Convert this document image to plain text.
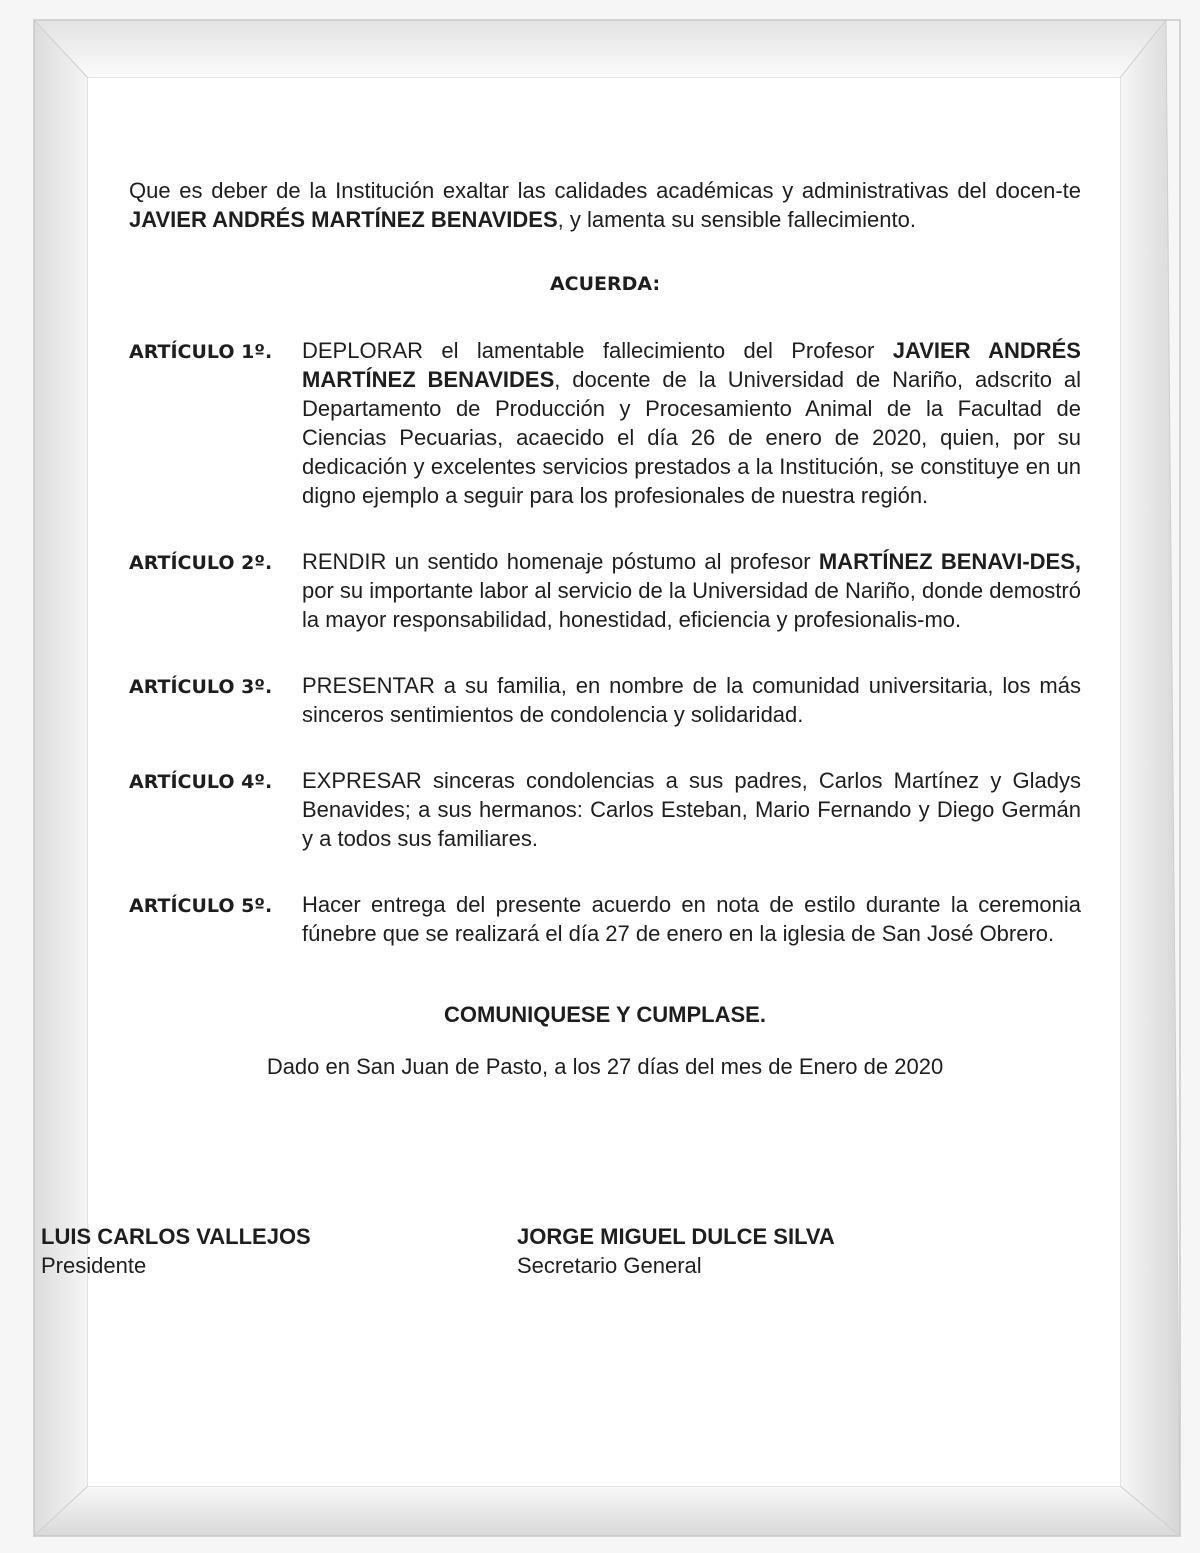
Que es deber de la Institución exaltar las calidades académicas y administrativas del docen-te JAVIER ANDRÉS MARTÍNEZ BENAVIDES, y lamenta su sensible fallecimiento.

ACUERDA:
ARTÍCULO 1º.	DEPLORAR el lamentable fallecimiento del Profesor JAVIER ANDRÉS MARTÍNEZ BENAVIDES, docente de la Universidad de Nariño, adscrito al Departamento de Producción y Procesamiento Animal de la Facultad de Ciencias Pecuarias, acaecido el día 26 de enero de 2020, quien, por su dedicación y excelentes servicios prestados a la Institución, se constituye en un digno ejemplo a seguir para los profesionales de nuestra región.
ARTÍCULO 2º.	RENDIR un sentido homenaje póstumo al profesor MARTÍNEZ BENAVI-DES, por su importante labor al servicio de la Universidad de Nariño, donde demostró la mayor responsabilidad, honestidad, eficiencia y profesionalis-mo.
ARTÍCULO 3º.	PRESENTAR a su familia, en nombre de la comunidad universitaria, los más sinceros sentimientos de condolencia y solidaridad.
ARTÍCULO 4º.	EXPRESAR sinceras condolencias a sus padres, Carlos Martínez y Gladys Benavides; a sus hermanos: Carlos Esteban, Mario Fernando y Diego Germán y a todos sus familiares.
ARTÍCULO 5º.	Hacer entrega del presente acuerdo en nota de estilo durante la ceremonia fúnebre que se realizará el día 27 de enero en la iglesia de San José Obrero.
COMUNIQUESE Y CUMPLASE.
Dado en San Juan de Pasto, a los 27 días del mes de Enero de 2020
LUIS CARLOS VALLEJOS
Presidente
JORGE MIGUEL DULCE SILVA
Secretario General
